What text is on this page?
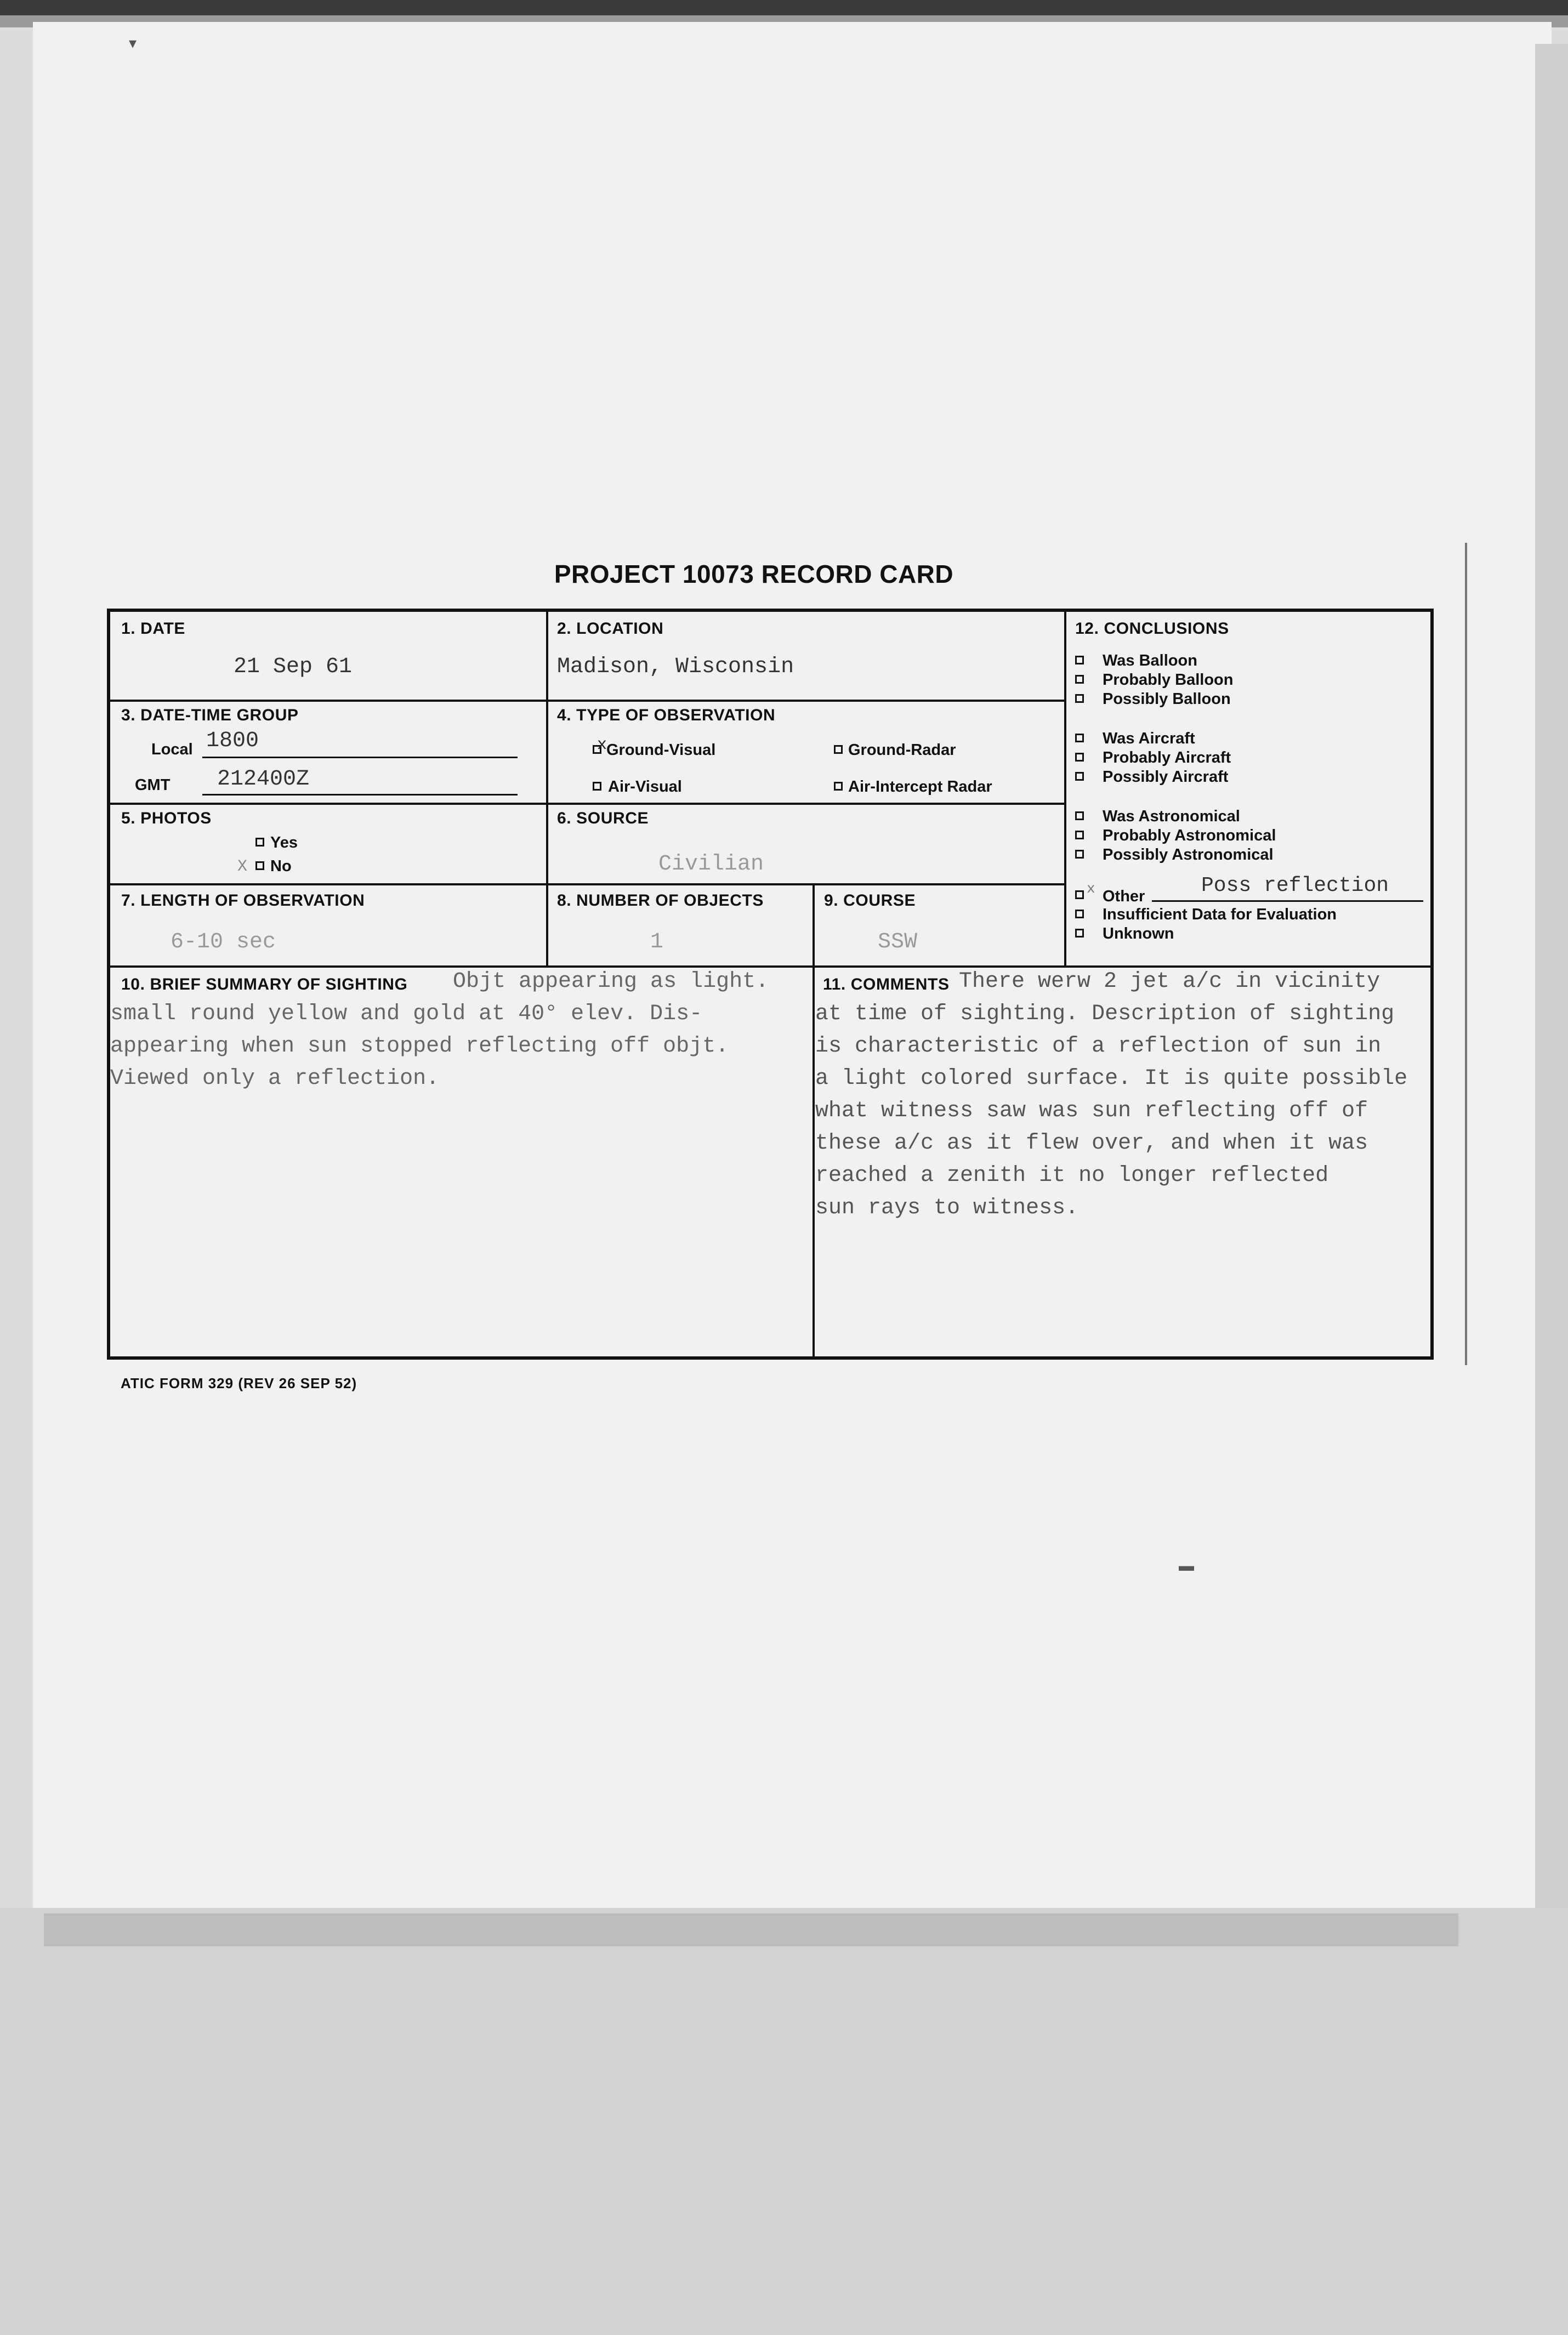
▾
▬
PROJECT 10073 RECORD CARD
1. DATE
21 Sep 61
2. LOCATION
Madison, Wisconsin
3. DATE-TIME GROUP
Local 1800
GMT 212400Z
4. TYPE OF OBSERVATION
x
Ground-Visual	Ground-Radar
Air-Visual	Air-Intercept Radar
5. PHOTOS
Yes
X No
6. SOURCE
Civilian
7. LENGTH OF OBSERVATION
6-10 sec
8. NUMBER OF OBJECTS
1
9. COURSE
SSW
12. CONCLUSIONS
Was Balloon
Probably Balloon
Possibly Balloon
Was Aircraft
Probably Aircraft
Possibly Aircraft
Was Astronomical
Probably Astronomical
Possibly Astronomical
x Other	Poss reflection
Insufficient Data for Evaluation
Unknown
10. BRIEF SUMMARY OF SIGHTING Objt appearing as light.
small round yellow and gold at 40° elev. Dis-
appearing when sun stopped reflecting off objt.
Viewed only a reflection.
11. COMMENTS There werw 2 jet a/c in vicinity
at time of sighting. Description of sighting
is characteristic of a reflection of sun in
a light colored surface. It is quite possible
what witness saw was sun reflecting off of
these a/c as it flew over, and when it was
reached a zenith it no longer reflected
sun rays to witness.
ATIC FORM 329 (REV 26 SEP 52)
